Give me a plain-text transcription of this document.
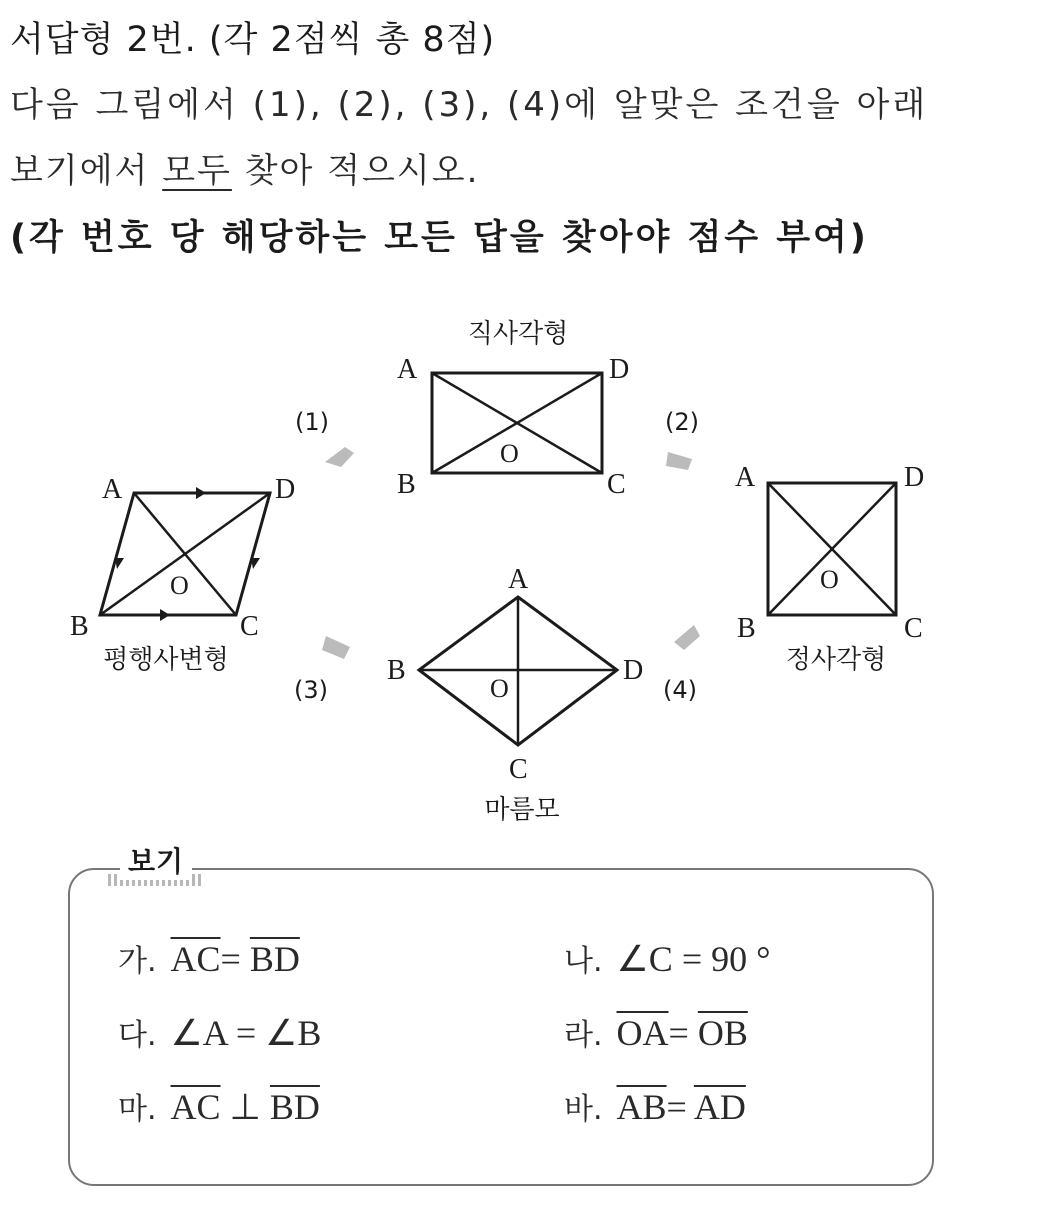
서답형 2번. (각 2점씩 총 8점)
다음 그림에서 (1), (2), (3), (4)에 알맞은 조건을 아래
보기에서 모두 찾아 적으시오.
(각 번호 당 해당하는 모든 답을 찾아야 점수 부여)
직사각형
평행사변형	정사각형
마름모
A	D
B	C
O
A	D
B	C
O
A	D
B	C
O
A
B	D
C
O
(1)	(2)
(3)	(4)
보기
가. $\overline{AC}= \overline{BD}$	나. ∠C = 90 °
다. ∠A = ∠B	라. $\overline{OA}= \overline{OB}$
마. $\overline{AC}$ ⊥ $\overline{BD}$	바. $\overline{AB}= \overline{AD}$
